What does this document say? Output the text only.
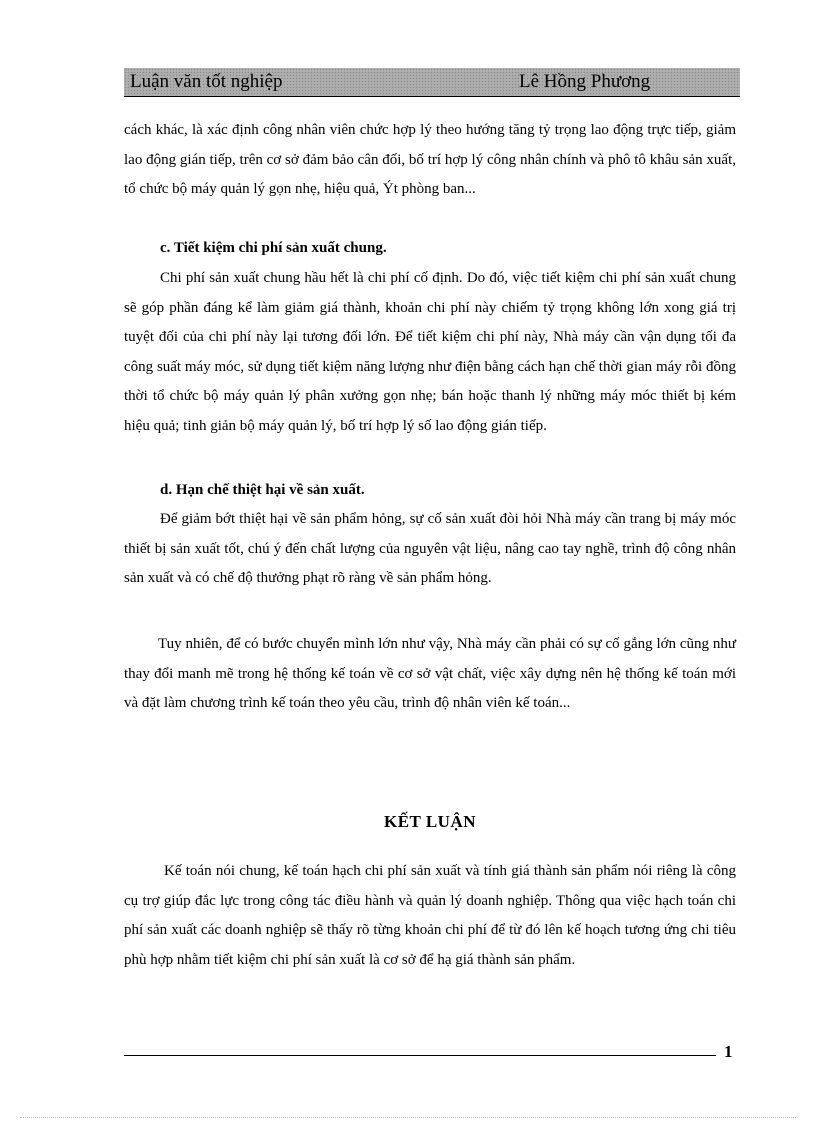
Luận văn tốt nghiệp	Lê Hồng Phương
cách khác, là xác định công nhân viên chức hợp lý theo hướng tăng tỷ trọng lao động trực tiếp, giảm lao động gián tiếp, trên cơ sở đảm bảo cân đối, bố trí hợp lý công nhân chính và phô tô khâu sản xuất, tổ chức bộ máy quản lý gọn nhẹ, hiệu quả, Ýt phòng ban...
c. Tiết kiệm chi phí sản xuất chung.
Chi phí sản xuất chung hầu hết là chi phí cố định. Do đó, việc tiết kiệm chi phí sản xuất chung sẽ góp phần đáng kể làm giảm giá thành, khoản chi phí này chiếm tỷ trọng không lớn xong giá trị tuyệt đối của chi phí này lại tương đối lớn. Để tiết kiệm chi phí này, Nhà máy cần vận dụng tối đa công suất máy móc, sử dụng tiết kiệm năng lượng như điện bằng cách hạn chế thời gian máy rỗi đồng thời tổ chức bộ máy quản lý phân xưởng gọn nhẹ; bán hoặc thanh lý những máy móc thiết bị kém hiệu quả; tinh giản bộ máy quản lý, bố trí hợp lý số lao động gián tiếp.
d. Hạn chế thiệt hại về sản xuất.
Để giảm bớt thiệt hại về sản phẩm hỏng, sự cố sản xuất đòi hỏi Nhà máy cần trang bị máy móc thiết bị sản xuất tốt, chú ý đến chất lượng của nguyên vật liệu, nâng cao tay nghề, trình độ công nhân sản xuất và có chế độ thưởng phạt rõ ràng về sản phẩm hỏng.
Tuy nhiên, để có bước chuyển mình lớn như vậy, Nhà máy cần phải có sự cố gắng lớn cũng như thay đổi manh mẽ trong hệ thống kế toán về cơ sở vật chất, việc xây dựng nên hệ thống kế toán mới và đặt làm chương trình kế toán theo yêu cầu, trình độ nhân viên kế toán...
KẾT LUẬN
Kế toán nói chung, kế toán hạch chi phí sản xuất và tính giá thành sản phẩm nói riêng là công cụ trợ giúp đắc lực trong công tác điều hành và quản lý doanh nghiệp. Thông qua việc hạch toán chi phí sản xuất các doanh nghiệp sẽ thấy rõ từng khoản chi phí để từ đó lên kế hoạch tương ứng chi tiêu phù hợp nhằm tiết kiệm chi phí sản xuất là cơ sở để hạ giá thành sản phẩm.
1
